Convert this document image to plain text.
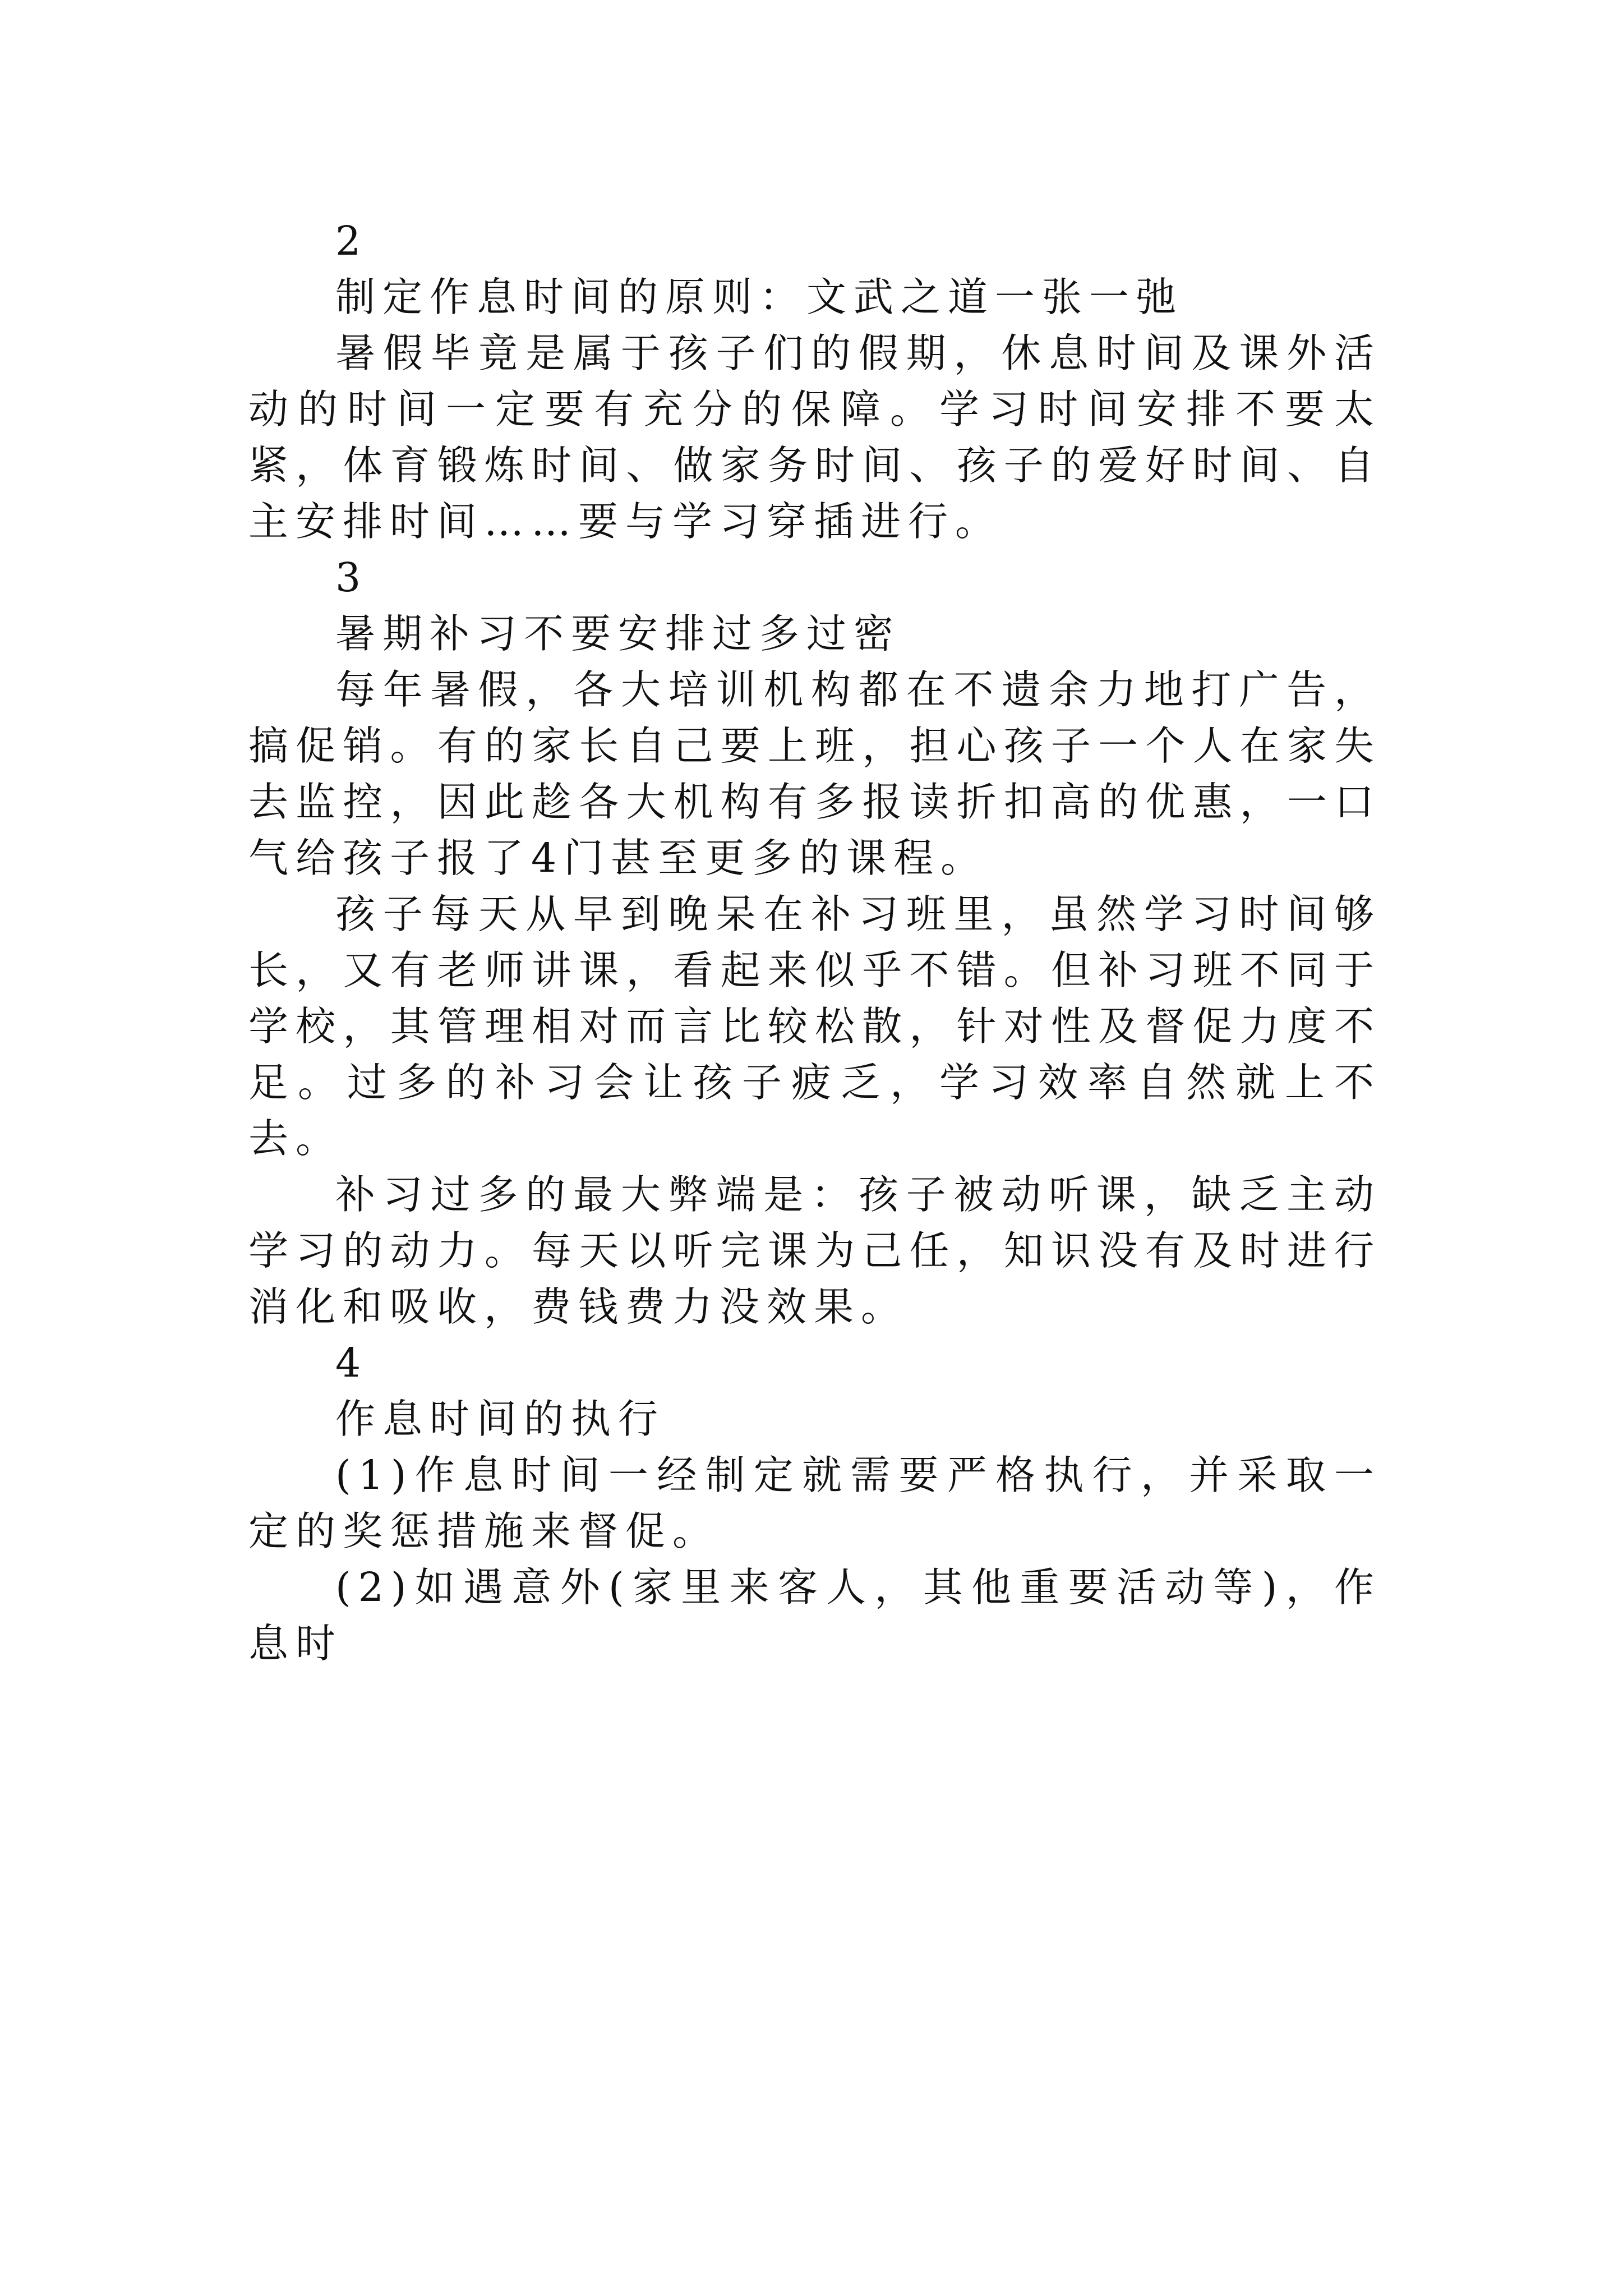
2

制定作息时间的原则：文武之道一张一弛

暑假毕竟是属于孩子们的假期，休息时间及课外活动的时间一定要有充分的保障。学习时间安排不要太紧，体育锻炼时间、做家务时间、孩子的爱好时间、自主安排时间……要与学习穿插进行。

3

暑期补习不要安排过多过密

每年暑假，各大培训机构都在不遗余力地打广告，搞促销。有的家长自己要上班，担心孩子一个人在家失去监控，因此趁各大机构有多报读折扣高的优惠，一口气给孩子报了4门甚至更多的课程。

孩子每天从早到晚呆在补习班里，虽然学习时间够长，又有老师讲课，看起来似乎不错。但补习班不同于学校，其管理相对而言比较松散，针对性及督促力度不足。过多的补习会让孩子疲乏，学习效率自然就上不去。

补习过多的最大弊端是：孩子被动听课，缺乏主动学习的动力。每天以听完课为己任，知识没有及时进行消化和吸收，费钱费力没效果。

4

作息时间的执行

(1)作息时间一经制定就需要严格执行，并采取一定的奖惩措施来督促。

(2)如遇意外(家里来客人，其他重要活动等)，作息时
